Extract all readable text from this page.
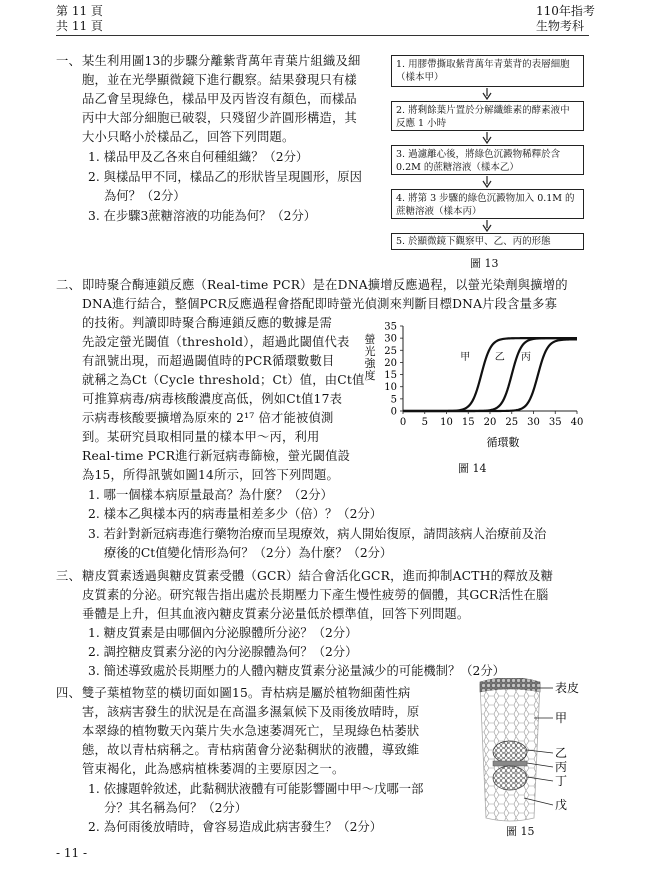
第 11 頁
共 11 頁
110年指考
生物考科
一、 某生利用圖13的步驟分離紫背萬年青葉片組織及細
胞，並在光學顯微鏡下進行觀察。結果發現只有樣
品乙會呈現綠色，樣品甲及丙皆沒有顏色，而樣品
丙中大部分細胞已破裂，只殘留少許圓形構造，其
大小只略小於樣品乙，回答下列問題。
1. 樣品甲及乙各來自何種組織？（2分）
2. 與樣品甲不同，樣品乙的形狀皆呈現圓形，原因
為何？（2分）
3. 在步驟3蔗糖溶液的功能為何？（2分）
1. 用膠帶撕取紫背萬年青葉背的表層細胞（樣本甲）
2. 將剩餘葉片置於分解纖維素的酵素液中反應 1 小時
3. 過濾離心後，將綠色沉澱物稀釋於含 0.2M 的蔗糖溶液（樣本乙）
4. 將第 3 步驟的綠色沉澱物加入 0.1M 的蔗糖溶液（樣本丙）
5. 於顯微鏡下觀察甲、乙、丙的形態
圖 13
二、 即時聚合酶連鎖反應（Real-time PCR）是在DNA擴增反應過程，以螢光染劑與擴增的
DNA進行結合，整個PCR反應過程會搭配即時螢光偵測來判斷目標DNA片段含量多寡
的技術。判讀即時聚合酶連鎖反應的數據是需
先設定螢光閾值（threshold），超過此閾值代表
有訊號出現，而超過閾值時的PCR循環數數目
就稱之為Ct（Cycle threshold；Ct）值，由Ct值
可推算病毒/病毒核酸濃度高低，例如Ct值17表
示病毒核酸要擴增為原來的 2¹⁷ 倍才能被偵測
到。某研究員取相同量的樣本甲～丙，利用
Real-time PCR進行新冠病毒篩檢，螢光閾值設
為15，所得訊號如圖14所示，回答下列問題。
1. 哪一個樣本病原量最高？為什麼？（2分）
2. 樣本乙與樣本丙的病毒量相差多少（倍）？（2分）
3. 若針對新冠病毒進行藥物治療而呈現療效，病人開始復原，請問該病人治療前及治
療後的Ct值變化情形為何？（2分）為什麼？（2分）
甲 乙 丙
0 5 10 15 20 25 30 35 40
0
5
10
15
20
25
30
35
螢
光
強
度
循環數
圖 14
三、 糖皮質素透過與糖皮質素受體（GCR）結合會活化GCR，進而抑制ACTH的釋放及糖
皮質素的分泌。研究報告指出處於長期壓力下產生慢性疲勞的個體，其GCR活性在腦
垂體是上升，但其血液內糖皮質素分泌量低於標準值，回答下列問題。
1. 糖皮質素是由哪個內分泌腺體所分泌？（2分）
2. 調控糖皮質素分泌的內分泌腺體為何？（2分）
3. 簡述導致處於長期壓力的人體內糖皮質素分泌量減少的可能機制？（2分）
四、 雙子葉植物莖的橫切面如圖15。青枯病是屬於植物細菌性病
害，該病害發生的狀況是在高溫多濕氣候下及雨後放晴時，原
本翠綠的植物數天內葉片失水急速萎凋死亡，呈現綠色枯萎狀
態，故以青枯病稱之。青枯病菌會分泌黏稠狀的液體，導致維
管束褐化，此為感病植株萎凋的主要原因之一。
1. 依據題幹敘述，此黏稠狀液體有可能影響圖中甲～戊哪一部
分？其名稱為何？（2分）
2. 為何雨後放晴時，會容易造成此病害發生？（2分）
表皮
甲
乙
丙
丁
戊
圖 15
- 11 -
